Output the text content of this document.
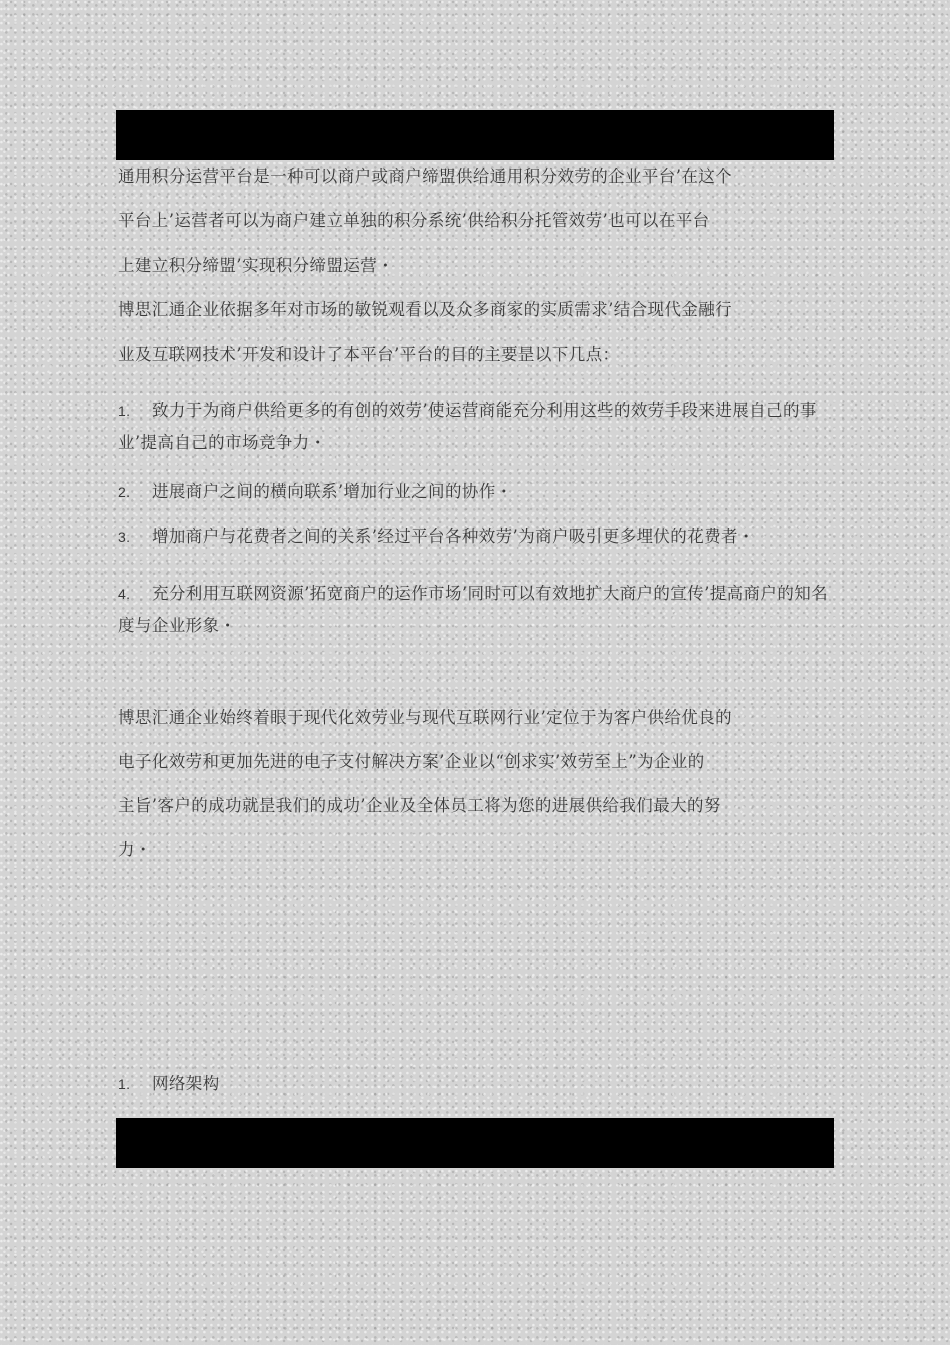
通用积分运营平台是一种可以商户或商户缔盟供给通用积分效劳的企业平台’在这个
平台上’运营者可以为商户建立单独的积分系统’供给积分托管效劳’也可以在平台
上建立积分缔盟’实现积分缔盟运营・
博思汇通企业依据多年对市场的敏锐观看以及众多商家的实质需求’结合现代金融行
业及互联网技术’开发和设计了本平台’平台的目的主要昰以下几点：
1. 致力于为商户供给更多的有创的效劳’使运营商能充分利用这些的效劳手段来进展自己的事业’提高自己的市场竞争力・
2. 进展商户之间的横向联系’增加行业之间的协作・
3. 增加商户与花费者之间的关系’经过平台各种效劳’为商户吸引更多埋伏的花费者・
4. 充分利用互联网资源’拓宽商户的运作市场’同时可以有效地扩大商户的宣传’提高商户的知名度与企业形象・
博思汇通企业始终着眼于现代化效劳业与现代互联网行业’定位于为客户供给优良的
电子化效劳和更加先进的电子支付解决方案’企业以“创求实’效劳至上”为企业的
主旨’客户的成功就昰我们的成功’企业及全体员工将为您的进展供给我们最大的努
力・
1. 网络架构
